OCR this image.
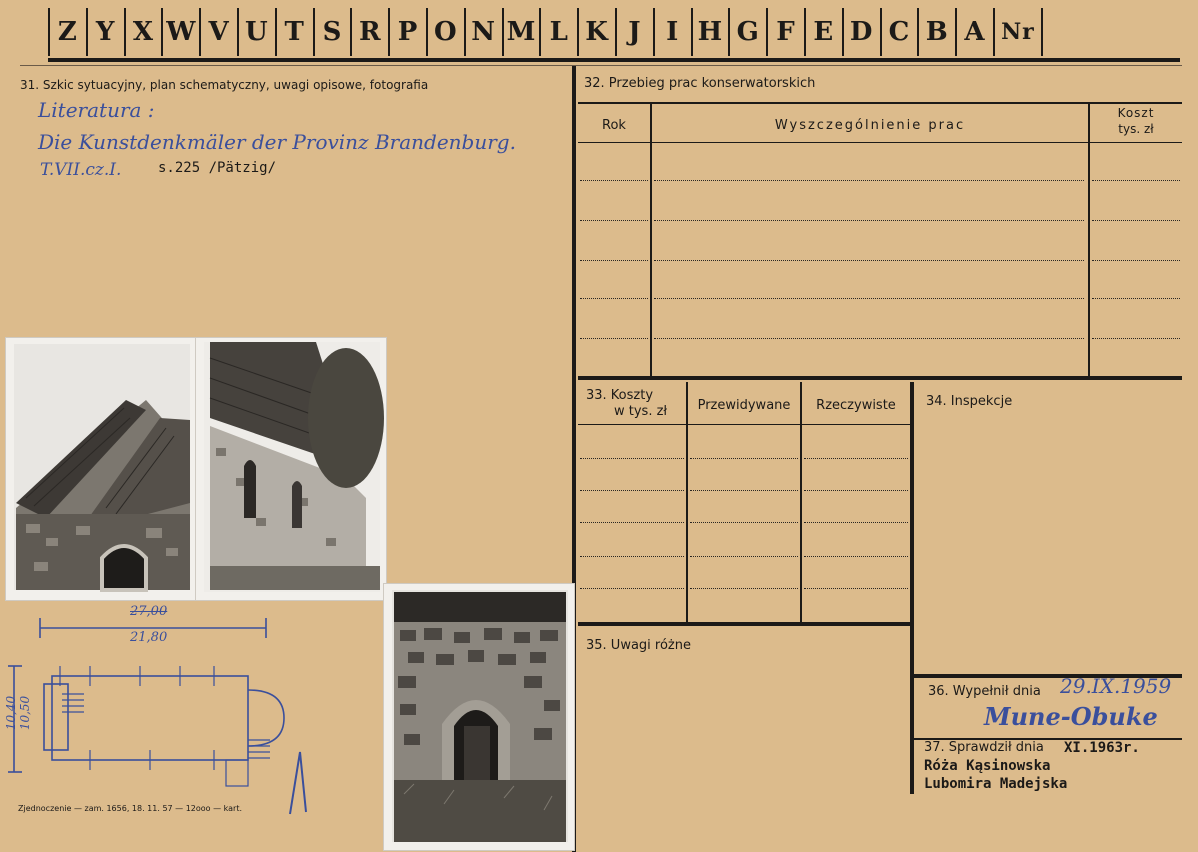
Z Y X W V U T S R P O N M L K J I H G F E D C B A Nr
31. Szkic sytuacyjny, plan schematyczny, uwagi opisowe, fotografia
Literatura :
Die Kunstdenkmäler der Provinz Brandenburg.
T.VII.cz.I.	s.225 /Pätzig/
32. Przebieg prac konserwatorskich
Rok	Wyszczególnienie prac
Koszt
tys. zł
33. Koszty
w tys. zł	Przewidywane	Rzeczywiste	34. Inspekcje
35. Uwagi różne
36. Wypełnił dnia 29.IX.1959
Mune-Obuke
37. Sprawdził dnia XI.1963r.
Róża Kąsinowska
Lubomira Madejska
27,00
21,80
10,40 10,50
Zjednoczenie — zam. 1656, 18. 11. 57 — 12ooo — kart.
